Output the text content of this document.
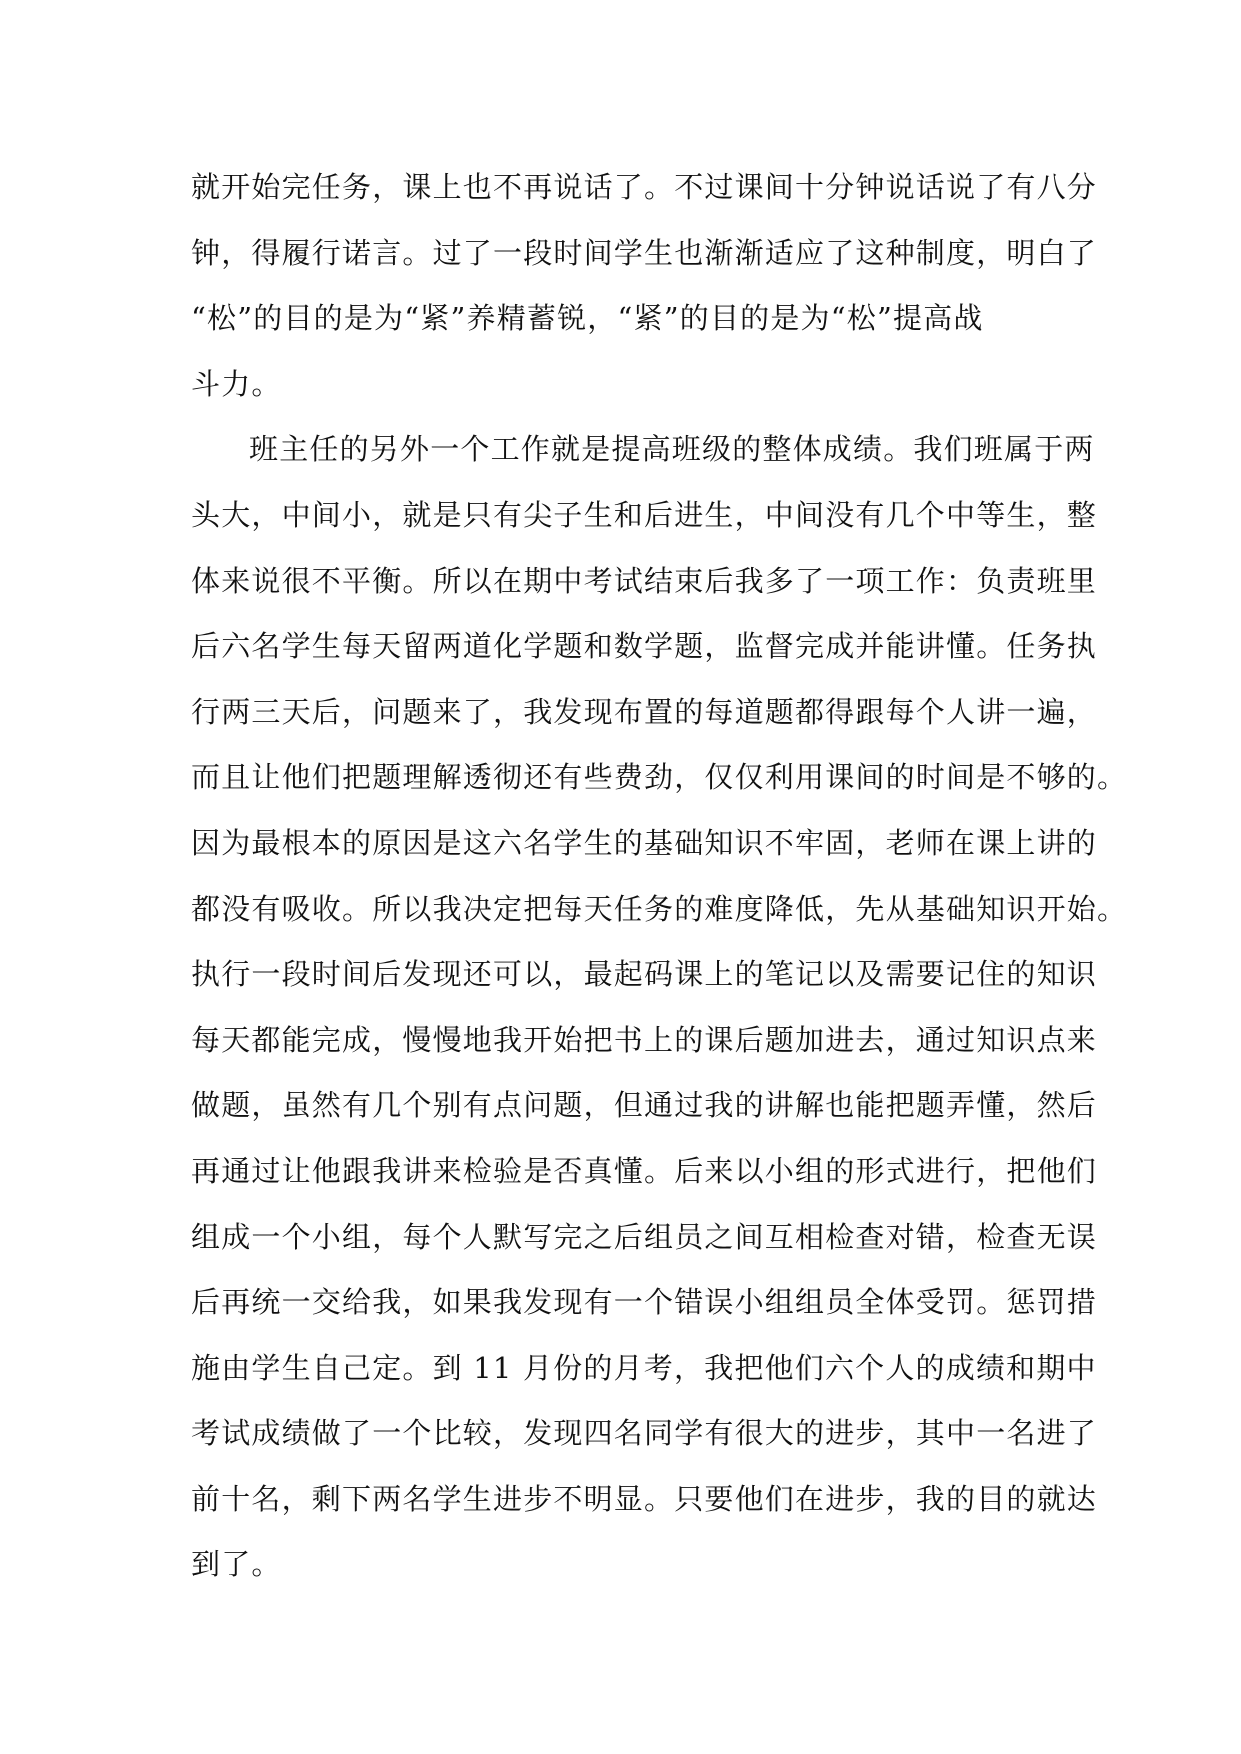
就开始完任务，课上也不再说话了。不过课间十分钟说话说了有八分
钟，得履行诺言。过了一段时间学生也渐渐适应了这种制度，明白了
“松”的目的是为“紧”养精蓄锐，“紧”的目的是为“松”提高战
斗力。
班主任的另外一个工作就是提高班级的整体成绩。我们班属于两
头大，中间小，就是只有尖子生和后进生，中间没有几个中等生，整
体来说很不平衡。所以在期中考试结束后我多了一项工作：负责班里
后六名学生每天留两道化学题和数学题，监督完成并能讲懂。任务执
行两三天后，问题来了，我发现布置的每道题都得跟每个人讲一遍，
而且让他们把题理解透彻还有些费劲，仅仅利用课间的时间是不够的。
因为最根本的原因是这六名学生的基础知识不牢固，老师在课上讲的
都没有吸收。所以我决定把每天任务的难度降低，先从基础知识开始。
执行一段时间后发现还可以，最起码课上的笔记以及需要记住的知识
每天都能完成，慢慢地我开始把书上的课后题加进去，通过知识点来
做题，虽然有几个别有点问题，但通过我的讲解也能把题弄懂，然后
再通过让他跟我讲来检验是否真懂。后来以小组的形式进行，把他们
组成一个小组，每个人默写完之后组员之间互相检查对错，检查无误
后再统一交给我，如果我发现有一个错误小组组员全体受罚。惩罚措
施由学生自己定。到 11 月份的月考，我把他们六个人的成绩和期中
考试成绩做了一个比较，发现四名同学有很大的进步，其中一名进了
前十名，剩下两名学生进步不明显。只要他们在进步，我的目的就达
到了。
